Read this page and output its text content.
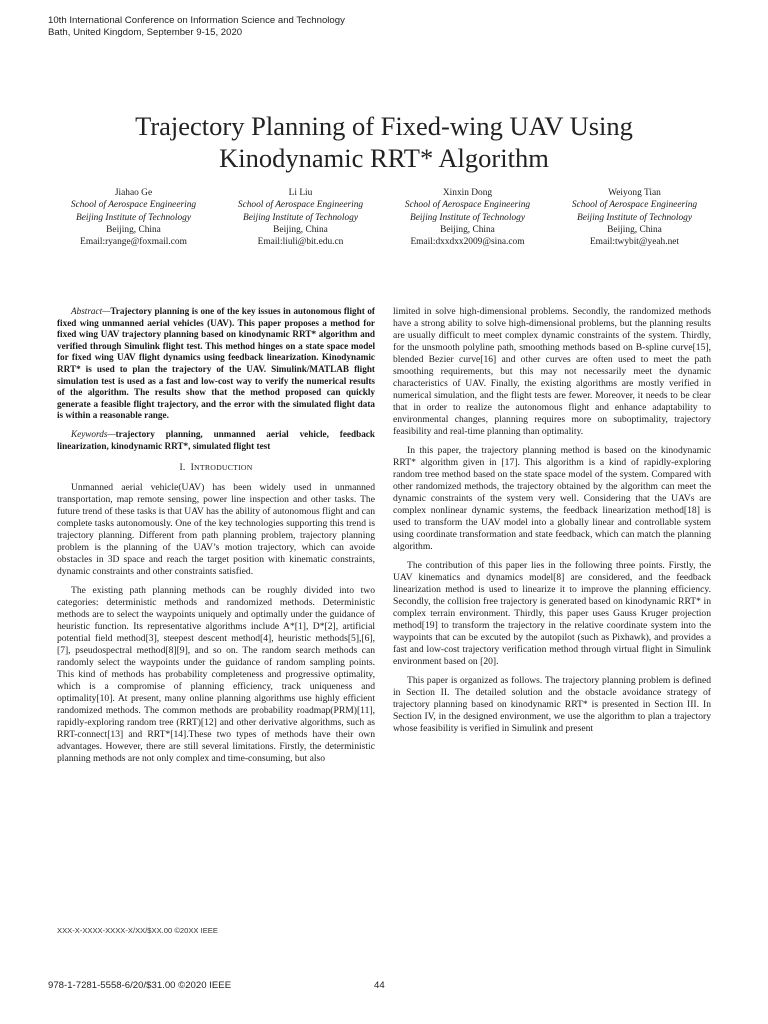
10th International Conference on Information Science and Technology
Bath, United Kingdom, September 9-15, 2020
Trajectory Planning of Fixed-wing UAV Using
Kinodynamic RRT* Algorithm
Jiahao Ge
School of Aerospace Engineering
Beijing Institute of Technology
Beijing, China
Email:ryange@foxmail.com
Li Liu
School of Aerospace Engineering
Beijing Institute of Technology
Beijing, China
Email:liuli@bit.edu.cn
Xinxin Dong
School of Aerospace Engineering
Beijing Institute of Technology
Beijing, China
Email:dxxdxx2009@sina.com
Weiyong Tian
School of Aerospace Engineering
Beijing Institute of Technology
Beijing, China
Email:twybit@yeah.net

Abstract—Trajectory planning is one of the key issues in autonomous flight of fixed wing unmanned aerial vehicles (UAV). This paper proposes a method for fixed wing UAV trajectory planning based on kinodynamic RRT* algorithm and verified through Simulink flight test. This method hinges on a state space model for fixed wing UAV flight dynamics using feedback linearization. Kinodynamic RRT* is used to plan the trajectory of the UAV. Simulink/MATLAB flight simulation test is used as a fast and low-cost way to verify the numerical results of the algorithm. The results show that the method proposed can quickly generate a feasible flight trajectory, and the error with the simulated flight data is within a reasonable range.

Keywords—trajectory planning, unmanned aerial vehicle, feedback linearization, kinodynamic RRT*, simulated flight test

I. INTRODUCTION

Unmanned aerial vehicle(UAV) has been widely used in unmanned transportation, map remote sensing, power line inspection and other tasks. The future trend of these tasks is that UAV has the ability of autonomous flight and can complete tasks autonomously. One of the key technologies supporting this trend is trajectory planning. Different from path planning problem, trajectory planning problem is the planning of the UAV’s motion trajectory, which can avoide obstacles in 3D space and reach the target position with kinematic constraints, dynamic constraints and other constraints satisfied.

The existing path planning methods can be roughly divided into two categories: deterministic methods and randomized methods. Deterministic methods are to select the waypoints uniquely and optimally under the guidance of heuristic function. Its representative algorithms include A*[1], D*[2], artificial potential field method[3], steepest descent method[4], heuristic methods[5],[6],[7], pseudospectral method[8][9], and so on. The random search methods can randomly select the waypoints under the guidance of random sampling points. This kind of methods has probability completeness and progressive optimality, which is a compromise of planning efficiency, track uniqueness and optimality[10]. At present, many online planning algorithms use highly efficient randomized methods. The common methods are probability roadmap(PRM)[11], rapidly-exploring random tree (RRT)[12] and other derivative algorithms, such as RRT-connect[13] and RRT*[14].These two types of methods have their own advantages. However, there are still several limitations. Firstly, the deterministic planning methods are not only complex and time-consuming, but also

limited in solve high-dimensional problems. Secondly, the randomized methods have a strong ability to solve high-dimensional problems, but the planning results are usually difficult to meet complex dynamic constraints of the system. Thirdly, for the unsmooth polyline path, smoothing methods based on B-spline curve[15], blended Bezier curve[16] and other curves are often used to meet the path smoothing requirements, but this may not necessarily meet the dynamic characteristics of UAV. Finally, the existing algorithms are mostly verified in numerical simulation, and the flight tests are fewer. Moreover, it needs to be clear that in order to realize the autonomous flight and enhance adaptability to environmental changes, planning requires more on suboptimality, trajectory feasibility and real-time planning than optimality.

In this paper, the trajectory planning method is based on the kinodynamic RRT* algorithm given in [17]. This algorithm is a kind of rapidly-exploring random tree method based on the state space model of the system. Compared with other randomized methods, the trajectory obtained by the algorithm can meet the dynamic constraints of the system very well. Considering that the UAVs are complex nonlinear dynamic systems, the feedback linearization method[18] is used to transform the UAV model into a globally linear and controllable system using coordinate transformation and state feedback, which can match the planning algorithm.

The contribution of this paper lies in the following three points. Firstly, the UAV kinematics and dynamics model[8] are considered, and the feedback linearization method is used to linearize it to improve the planning efficiency. Secondly, the collision free trajectory is generated based on kinodynamic RRT* in complex terrain environment. Thirdly, this paper uses Gauss Kruger projection method[19] to transform the trajectory in the relative coordinate system into the waypoints that can be excuted by the autopilot (such as Pixhawk), and provides a fast and low-cost trajectory verification method through virtual flight in Simulink environment based on [20].

This paper is organized as follows. The trajectory planning problem is defined in Section II. The detailed solution and the obstacle avoidance strategy of trajectory planning based on kinodynamic RRT* is presented in Section III. In Section IV, in the designed environment, we use the algorithm to plan a trajectory whose feasibility is verified in Simulink and present

XXX-X-XXXX-XXXX-X/XX/$XX.00 ©20XX IEEE
978-1-7281-5558-6/20/$31.00 ©2020 IEEE	44
